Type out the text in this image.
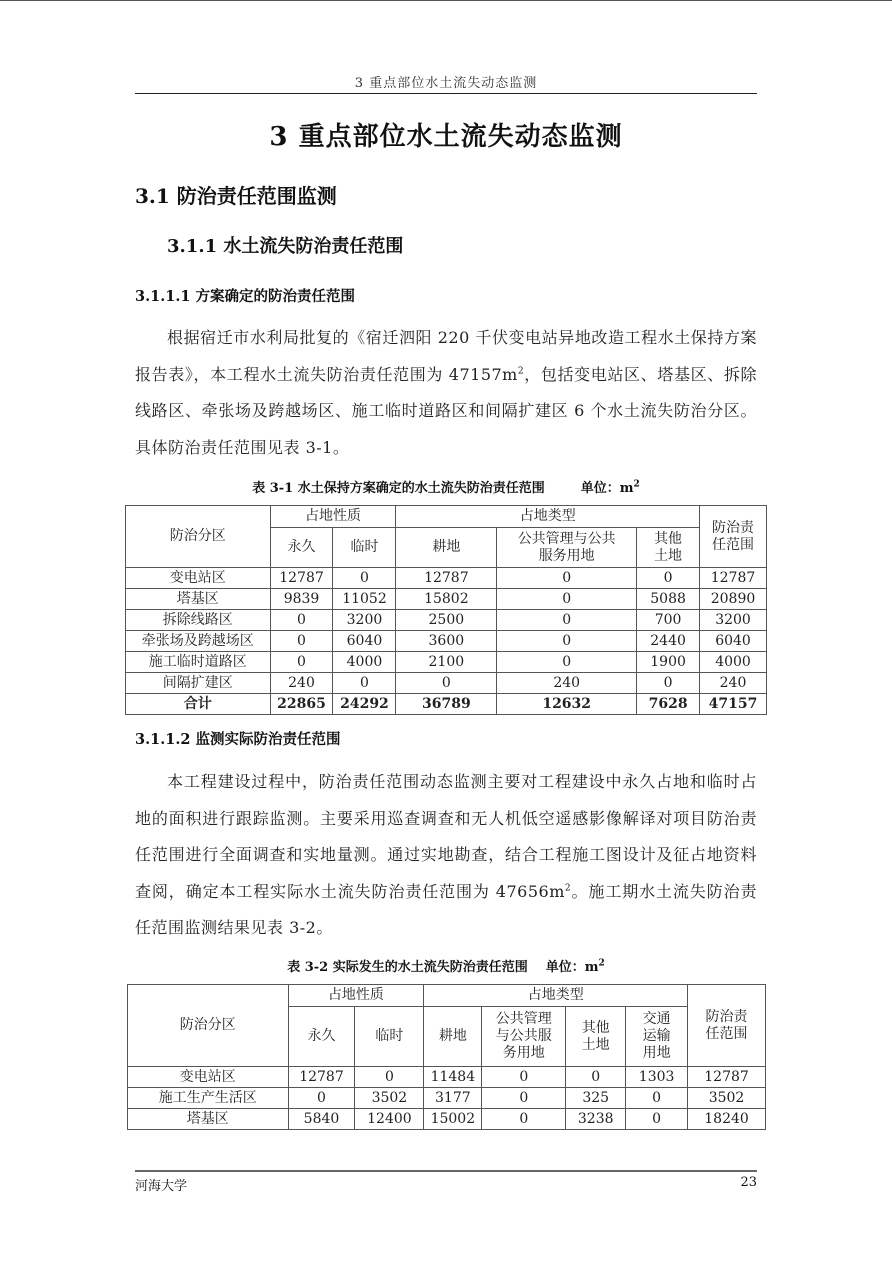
3 重点部位水土流失动态监测
3 重点部位水土流失动态监测
3.1 防治责任范围监测
3.1.1 水土流失防治责任范围
3.1.1.1 方案确定的防治责任范围
根据宿迁市水利局批复的《宿迁泗阳 220 千伏变电站异地改造工程水土保持方案报告表》，本工程水土流失防治责任范围为 $47157m^2$，包括变电站区、塔基区、拆除线路区、牵张场及跨越场区、施工临时道路区和间隔扩建区 6 个水土流失防治分区。具体防治责任范围见表 3-1。
表 3-1 水土保持方案确定的水土流失防治责任范围	单位：$m^2$
防治分区	占地性质		占地类型			防治责任范围

	永久	临时	耕地	公共管理与公共服务用地	其他土地	

变电站区	12787	0	12787	0	0	12787
塔基区	9839	11052	15802	0	5088	20890
拆除线路区	0	3200	2500	0	700	3200
牵张场及跨越场区	0	6040	3600	0	2440	6040
施工临时道路区	0	4000	2100	0	1900	4000
间隔扩建区	240	0	0	240	0	240
合计	22865	24292	36789	12632	7628	47157
3.1.1.2 监测实际防治责任范围
本工程建设过程中，防治责任范围动态监测主要对工程建设中永久占地和临时占地的面积进行跟踪监测。主要采用巡查调查和无人机低空遥感影像解译对项目防治责任范围进行全面调查和实地量测。通过实地勘查，结合工程施工图设计及征占地资料查阅，确定本工程实际水土流失防治责任范围为 $47656m^2$。施工期水土流失防治责任范围监测结果见表 3-2。
表 3-2 实际发生的水土流失防治责任范围 单位：$m^2$
防治分区	占地性质		占地类型				防治责任范围

	永久	临时	耕地	公共管理与公共服务用地	其他土地	交通运输用地	

变电站区	12787	0	11484	0	0	1303	12787
施工生产生活区	0	3502	3177	0	325	0	3502
塔基区	5840	12400	15002	0	3238	0	18240
河海大学	23
